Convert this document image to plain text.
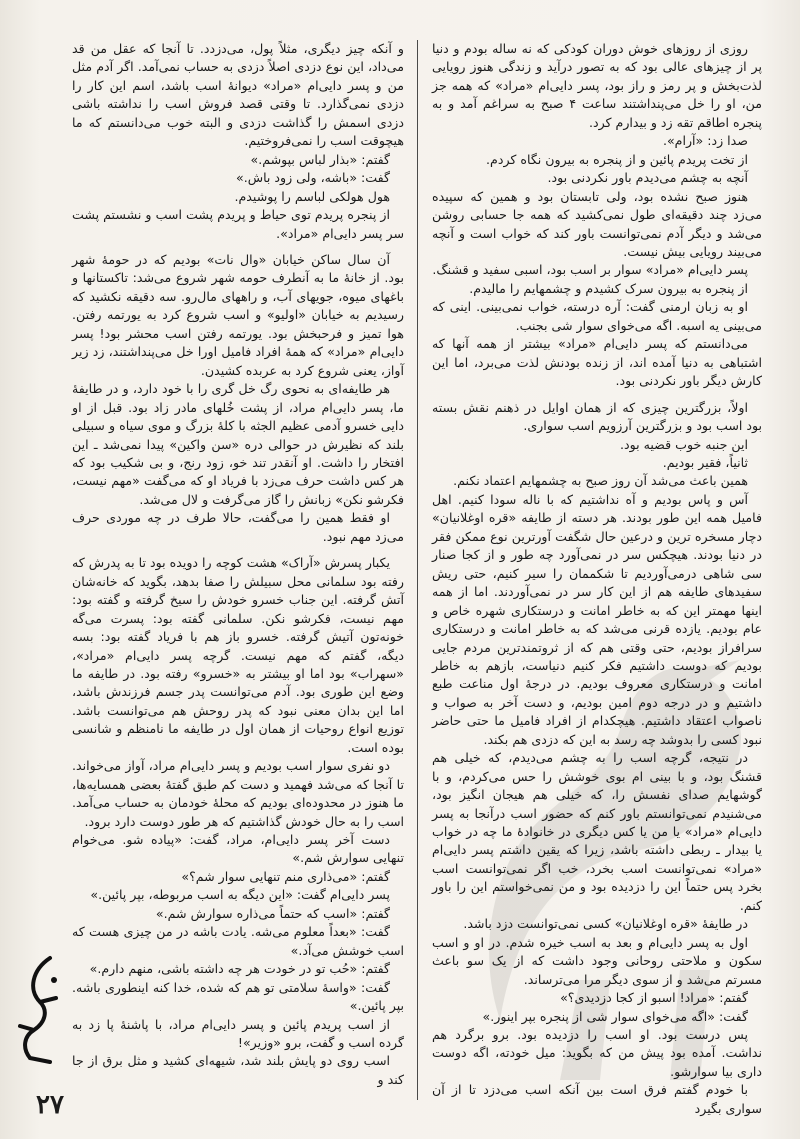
روزی از روزهای خوش دوران کودکی که نه ساله بودم و دنیا پر از چیزهای عالی بود که به تصور درآید و زندگی هنوز رویایی لذت‌بخش و پر رمز و راز بود، پسر دایی‌ام «مراد» که همه جز من، او را خل می‌پنداشتند ساعت ۴ صبح به سراغم آمد و به پنجره اطاقم تقه زد و بیدارم کرد.

صدا زد: «آرام».

از تخت پریدم پائین و از پنجره به بیرون نگاه کردم.

آنچه به چشم می‌دیدم باور نکردنی بود.

هنوز صبح نشده بود، ولی تابستان بود و همین که سپیده می‌زد چند دقیقه‌ای طول نمی‌کشید که همه جا حسابی روشن می‌شد و دیگر آدم نمی‌توانست باور کند که خواب است و آنچه می‌بیند رویایی بیش نیست.

پسر دایی‌ام «مراد» سوار بر اسب بود، اسبی سفید و قشنگ.

از پنجره به بیرون سرک کشیدم و چشمهایم را مالیدم.

او به زبان ارمنی گفت: آره درسته، خواب نمی‌بینی. اینی که می‌بینی یه اسبه. اگه می‌خوای سوار شی بجنب.

می‌دانستم که پسر دایی‌ام «مراد» بیشتر از همه آنها که اشتباهی به دنیا آمده اند، از زنده بودنش لذت می‌برد، اما این کارش دیگر باور نکردنی بود.

اولاً، بزرگترین چیزی که از همان اوایل در ذهنم نقش بسته بود اسب بود و بزرگترین آرزویم اسب سواری.

این جنبه خوب قضیه بود.

ثانیاً، فقیر بودیم.

همین باعث می‌شد آن روز صبح به چشمهایم اعتماد نکنم.

آس و پاس بودیم و آه نداشتیم که با ناله سودا کنیم. اهل فامیل همه این طور بودند. هر دسته از طایفه «قره اوغلانیان» دچار مسخره ترین و درعین حال شگفت آورترین نوع ممکن فقر در دنیا بودند. هیچکس سر در نمی‌آورد چه طور و از کجا صنار سی شاهی درمی‌آوردیم تا شکممان را سیر کنیم، حتی ریش سفیدهای طایفه هم از این کار سر در نمی‌آوردند. اما از همه اینها مهمتر این که به خاطر امانت و درستکاری شهره خاص و عام بودیم. یازده قرنی می‌شد که به خاطر امانت و درستکاری سرافراز بودیم، حتی وقتی هم که از ثروتمندترین مردم جایی بودیم که دوست داشتیم فکر کنیم دنیاست، بازهم به خاطر امانت و درستکاری معروف بودیم. در درجهٔ اول مناعت طبع داشتیم و در درجه دوم امین بودیم، و دست آخر به صواب و ناصواب اعتقاد داشتیم. هیچکدام از افراد فامیل ما حتی حاضر نبود کسی را بدوشد چه رسد به این که دزدی هم بکند.

در نتیجه، گرچه اسب را به چشم می‌دیدم، که خیلی هم قشنگ بود، و با بینی ام بوی خوشش را حس می‌کردم، و با گوشهایم صدای نفسش را، که خیلی هم هیجان انگیز بود، می‌شنیدم نمی‌توانستم باور کنم که حضور اسب درآنجا به پسر دایی‌ام «مراد» یا من یا کس دیگری در خانوادهٔ ما چه در خواب یا بیدار ـ ربطی داشته باشد، زیرا که یقین داشتم پسر دایی‌ام «مراد» نمی‌توانست اسب بخرد، خب اگر نمی‌توانست اسب بخرد پس حتماً این را دزدیده بود و من نمی‌خواستم این را باور کنم.

در طایفهٔ «قره اوغلانیان» کسی نمی‌توانست دزد باشد.

اول به پسر دایی‌ام و بعد به اسب خیره شدم. در او و اسب سکون و ملاحتی روحانی وجود داشت که از یک سو باعث مسرتم می‌شد و از سوی دیگر مرا می‌ترساند.

گفتم: «مراد! اسبو از کجا دزدیدی؟»

گفت: «اگه می‌خوای سوار شی از پنجره بپر اینور.»

پس درست بود. او اسب را دزدیده بود. برو برگرد هم نداشت. آمده بود پیش من که بگوید: میل خودته، اگه دوست داری بیا سوارشو.

با خودم گفتم فرق است بین آنکه اسب می‌دزد تا از آن سواری بگیرد

و آنکه چیز دیگری، مثلاً پول، می‌دزدد. تا آنجا که عقل من قد می‌داد، این نوع دزدی اصلاً دزدی به حساب نمی‌آمد. اگر آدم مثل من و پسر دایی‌ام «مراد» دیوانهٔ اسب باشد، اسم این کار را دزدی نمی‌گذارد. تا وقتی قصد فروش اسب را نداشته باشی دزدی اسمش را گذاشت دزدی و البته خوب می‌دانستم که ما هیچوقت اسب را نمی‌فروختیم.

گفتم: «بذار لباس بپوشم.»

گفت: «باشه، ولی زود باش.»

هول هولکی لباسم را پوشیدم.

از پنجره پریدم توی حیاط و پریدم پشت اسب و نشستم پشت سر پسر دایی‌ام «مراد».

آن سال ساکن خیابان «وال نات» بودیم که در حومهٔ شهر بود. از خانهٔ ما به آنطرف حومه شهر شروع می‌شد: تاکستانها و باغهای میوه، جویهای آب، و راههای مال‌رو. سه دقیقه نکشید که رسیدیم به خیابان «اولیو» و اسب شروع کرد به یورتمه رفتن. هوا تمیز و فرحبخش بود. یورتمه رفتن اسب محشر بود! پسر دایی‌ام «مراد» که همهٔ افراد فامیل اورا خل می‌پنداشتند، زد زیر آواز، یعنی شروع کرد به عربده کشیدن.

هر طایفه‌ای به نحوی رگ خل گری را با خود دارد، و در طایفهٔ ما، پسر دایی‌ام مراد، از پشت خُلهای مادر زاد بود. قبل از او دایی خسرو آدمی عظیم الجثه با کلهٔ بزرگ و موی سیاه و سبیلی بلند که نظیرش در حوالی دره «سن واکین» پیدا نمی‌شد ـ این افتخار را داشت. او آنقدر تند خو، زود رنج، و بی شکیب بود که هر کس داشت حرف می‌زد با فریاد او که می‌گفت «مهم نیست، فکرشو نکن» زبانش را گاز می‌گرفت و لال می‌شد.

او فقط همین را می‌گفت، حالا طرف در چه موردی حرف می‌زد مهم نبود.

یکبار پسرش «آراک» هشت کوچه را دویده بود تا به پدرش که رفته بود سلمانی محل سبیلش را صفا بدهد، بگوید که خانه‌شان آتش گرفته. این جناب خسرو خودش را سیخ گرفته و گفته بود: مهم نیست، فکرشو نکن. سلمانی گفته بود: پسرت می‌گه خونه‌تون آتیش گرفته. خسرو باز هم با فریاد گفته بود: بسه دیگه، گفتم که مهم نیست. گرچه پسر دایی‌ام «مراد»، «سهراب» بود اما او بیشتر به «خسرو» رفته بود. در طایفه ما وضع این طوری بود. آدم می‌توانست پدر جسم فرزندش باشد، اما این بدان معنی نبود که پدر روحش هم می‌توانست باشد. توزیع انواع روحیات از همان اول در طایفه ما نامنظم و شانسی بوده است.

دو نفری سوار اسب بودیم و پسر دایی‌ام مراد، آواز می‌خواند. تا آنجا که می‌شد فهمید و دست کم طبق گفتهٔ بعضی همسایه‌ها، ما هنوز در محدوده‌ای بودیم که محلهٔ خودمان به حساب می‌آمد. اسب را به حال خودش گذاشتیم که هر طور دوست دارد برود.

دست آخر پسر دایی‌ام، مراد، گفت: «پیاده شو. می‌خوام تنهایی سوارش شم.»

گفتم: «می‌ذاری منم تنهایی سوار شم؟»

پسر دایی‌ام گفت: «این دیگه به اسب مربوطه، بپر پائین.»

گفتم: «اسب که حتماً می‌ذاره سوارش شم.»

گفت: «بعداً معلوم می‌شه. یادت باشه در من چیزی هست که اسب خوشش می‌آد.»

گفتم: «حُب تو در خودت هر چه داشته باشی، منهم دارم.»

گفت: «واسهٔ سلامتی تو هم که شده، خدا کنه اینطوری باشه. بپر پائین.»

از اسب پریدم پائین و پسر دایی‌ام مراد، با پاشنهٔ پا زد به گرده اسب و گفت، برو «وزیر»!

اسب روی دو پایش بلند شد، شیهه‌ای کشید و مثل برق از جا کند و

۲۷
